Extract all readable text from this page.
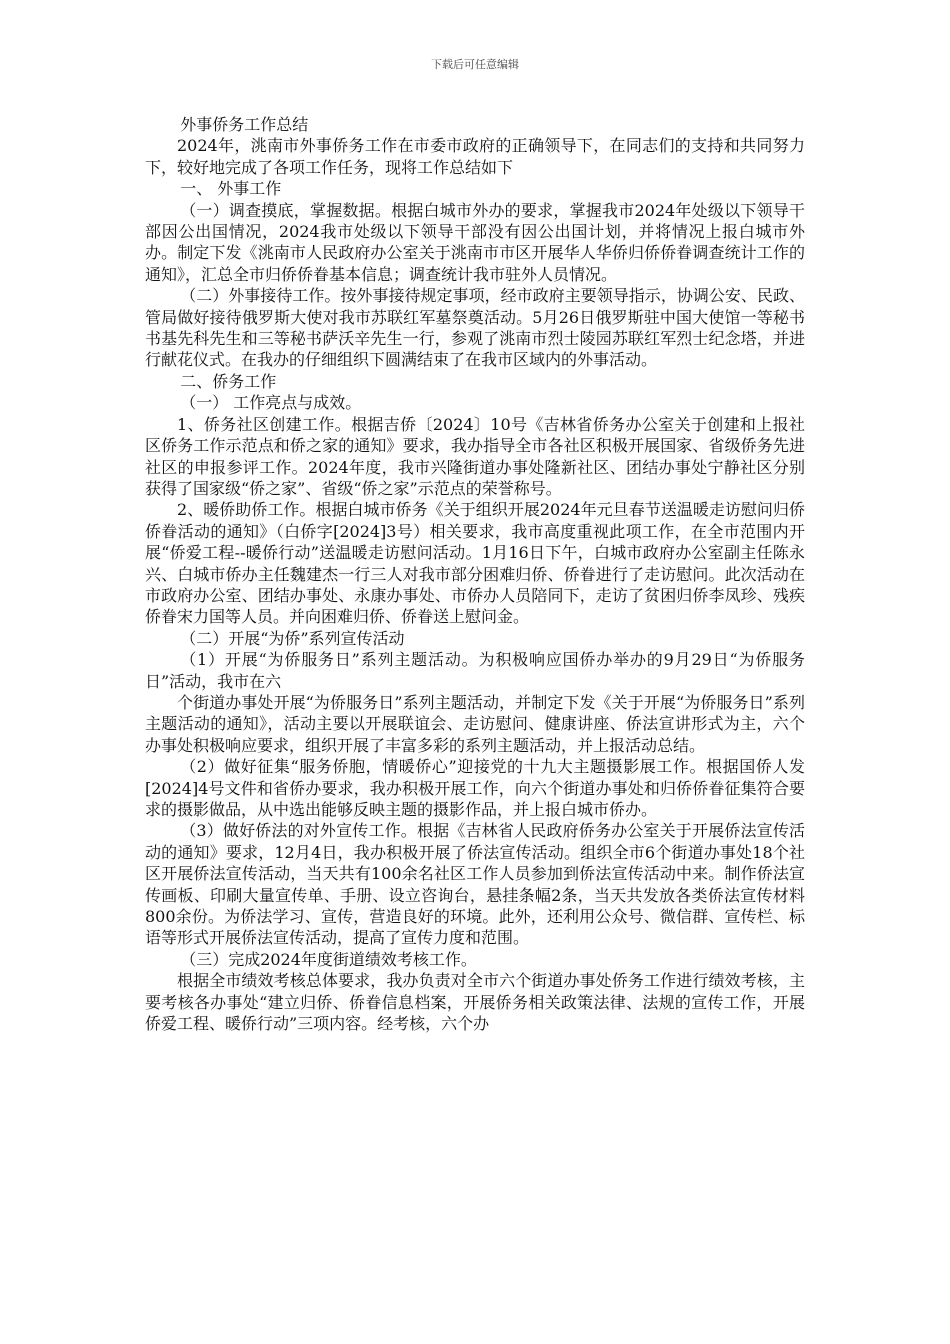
下载后可任意编辑

外事侨务工作总结

2024年，洮南市外事侨务工作在市委市政府的正确领导下，在同志们的支持和共同努力下，较好地完成了各项工作任务，现将工作总结如下

一、 外事工作

（一）调查摸底，掌握数据。根据白城市外办的要求，掌握我市2024年处级以下领导干部因公出国情况，2024我市处级以下领导干部没有因公出国计划，并将情况上报白城市外办。制定下发《洮南市人民政府办公室关于洮南市市区开展华人华侨归侨侨眷调查统计工作的通知》，汇总全市归侨侨眷基本信息；调查统计我市驻外人员情况。

（二）外事接待工作。按外事接待规定事项，经市政府主要领导指示，协调公安、民政、管局做好接待俄罗斯大使对我市苏联红军墓祭奠活动。5月26日俄罗斯驻中国大使馆一等秘书书基先科先生和三等秘书萨沃辛先生一行，参观了洮南市烈士陵园苏联红军烈士纪念塔，并进行献花仪式。在我办的仔细组织下圆满结束了在我市区域内的外事活动。

二、侨务工作

（一） 工作亮点与成效。

1、侨务社区创建工作。根据吉侨〔2024〕10号《吉林省侨务办公室关于创建和上报社区侨务工作示范点和侨之家的通知》要求，我办指导全市各社区积极开展国家、省级侨务先进社区的申报参评工作。2024年度，我市兴隆街道办事处隆新社区、团结办事处宁静社区分别获得了国家级“侨之家”、省级“侨之家”示范点的荣誉称号。

2、暖侨助侨工作。根据白城市侨务《关于组织开展2024年元旦春节送温暖走访慰问归侨侨眷活动的通知》（白侨字[2024]3号）相关要求，我市高度重视此项工作，在全市范围内开展“侨爱工程--暖侨行动”送温暖走访慰问活动。1月16日下午，白城市政府办公室副主任陈永兴、白城市侨办主任魏建杰一行三人对我市部分困难归侨、侨眷进行了走访慰问。此次活动在市政府办公室、团结办事处、永康办事处、市侨办人员陪同下，走访了贫困归侨李凤珍、残疾侨眷宋力国等人员。并向困难归侨、侨眷送上慰问金。

（二）开展“为侨”系列宣传活动

（1）开展“为侨服务日”系列主题活动。为积极响应国侨办举办的9月29日“为侨服务日”活动，我市在六

个街道办事处开展“为侨服务日”系列主题活动，并制定下发《关于开展“为侨服务日”系列主题活动的通知》，活动主要以开展联谊会、走访慰问、健康讲座、侨法宣讲形式为主，六个办事处积极响应要求，组织开展了丰富多彩的系列主题活动，并上报活动总结。

（2）做好征集“服务侨胞，情暖侨心”迎接党的十九大主题摄影展工作。根据国侨人发[2024]4号文件和省侨办要求，我办积极开展工作，向六个街道办事处和归侨侨眷征集符合要求的摄影做品，从中选出能够反映主题的摄影作品，并上报白城市侨办。

（3）做好侨法的对外宣传工作。根据《吉林省人民政府侨务办公室关于开展侨法宣传活动的通知》要求，12月4日，我办积极开展了侨法宣传活动。组织全市6个街道办事处18个社区开展侨法宣传活动，当天共有100余名社区工作人员参加到侨法宣传活动中来。制作侨法宣传画板、印刷大量宣传单、手册、设立咨询台，悬挂条幅2条，当天共发放各类侨法宣传材料800余份。为侨法学习、宣传，营造良好的环境。此外，还利用公众号、微信群、宣传栏、标语等形式开展侨法宣传活动，提高了宣传力度和范围。

（三）完成2024年度街道绩效考核工作。

根据全市绩效考核总体要求，我办负责对全市六个街道办事处侨务工作进行绩效考核，主要考核各办事处“建立归侨、侨眷信息档案，开展侨务相关政策法律、法规的宣传工作，开展侨爱工程、暖侨行动”三项内容。经考核，六个办
